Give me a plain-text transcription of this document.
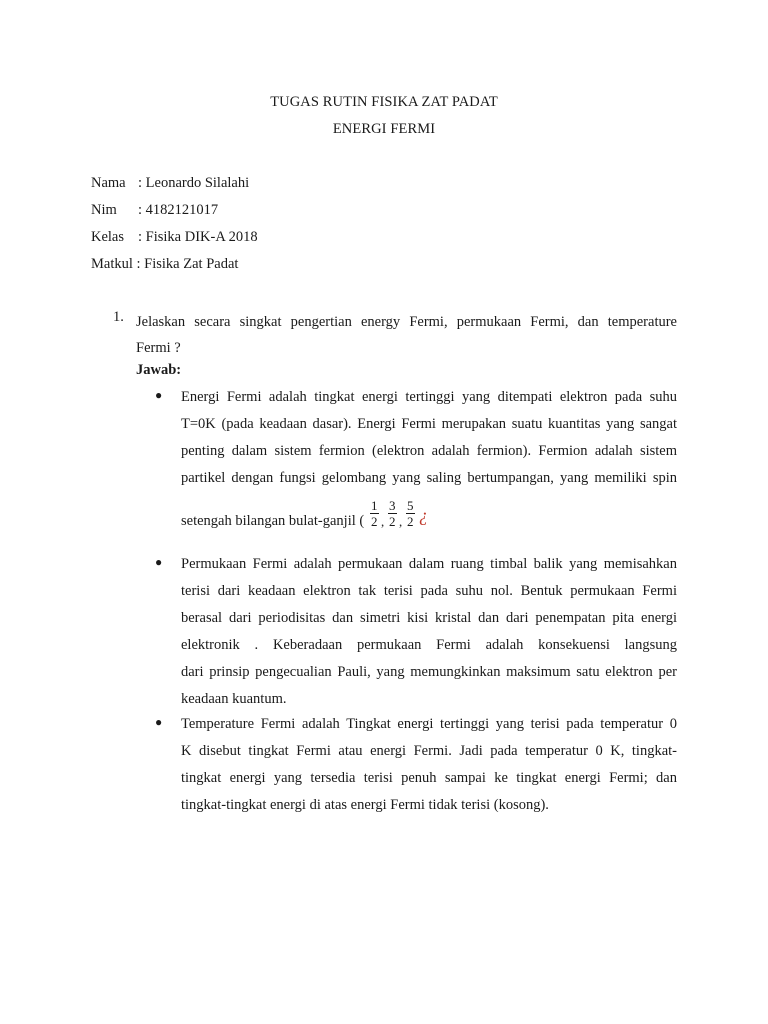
TUGAS RUTIN FISIKA ZAT PADAT
ENERGI FERMI
Nama : Leonardo Silalahi
Nim : 4182121017
Kelas : Fisika DIK-A 2018
Matkul : Fisika Zat Padat
1. Jelaskan secara singkat pengertian energy Fermi, permukaan Fermi, dan temperature
Fermi ?
Jawab:
● Energi Fermi adalah tingkat energi tertinggi yang ditempati elektron pada suhu
T=0K (pada keadaan dasar). Energi Fermi merupakan suatu kuantitas yang sangat
penting dalam sistem fermion (elektron adalah fermion). Fermion adalah sistem
partikel dengan fungsi gelombang yang saling bertumpangan, yang memiliki spin
setengah bilangan bulat-ganjil ( $\frac{1}{2}$ , $\frac{3}{2}$ , $\frac{5}{2}$ ¿
● Permukaan Fermi adalah permukaan dalam ruang timbal balik yang memisahkan
terisi dari keadaan elektron tak terisi pada suhu nol. Bentuk permukaan Fermi
berasal dari periodisitas dan simetri kisi kristal dan dari penempatan pita energi
elektronik . Keberadaan permukaan Fermi adalah konsekuensi langsung
dari prinsip pengecualian Pauli, yang memungkinkan maksimum satu elektron per
keadaan kuantum.
● Temperature Fermi adalah Tingkat energi tertinggi yang terisi pada temperatur 0
K disebut tingkat Fermi atau energi Fermi. Jadi pada temperatur 0 K, tingkat-
tingkat energi yang tersedia terisi penuh sampai ke tingkat energi Fermi; dan
tingkat-tingkat energi di atas energi Fermi tidak terisi (kosong).
